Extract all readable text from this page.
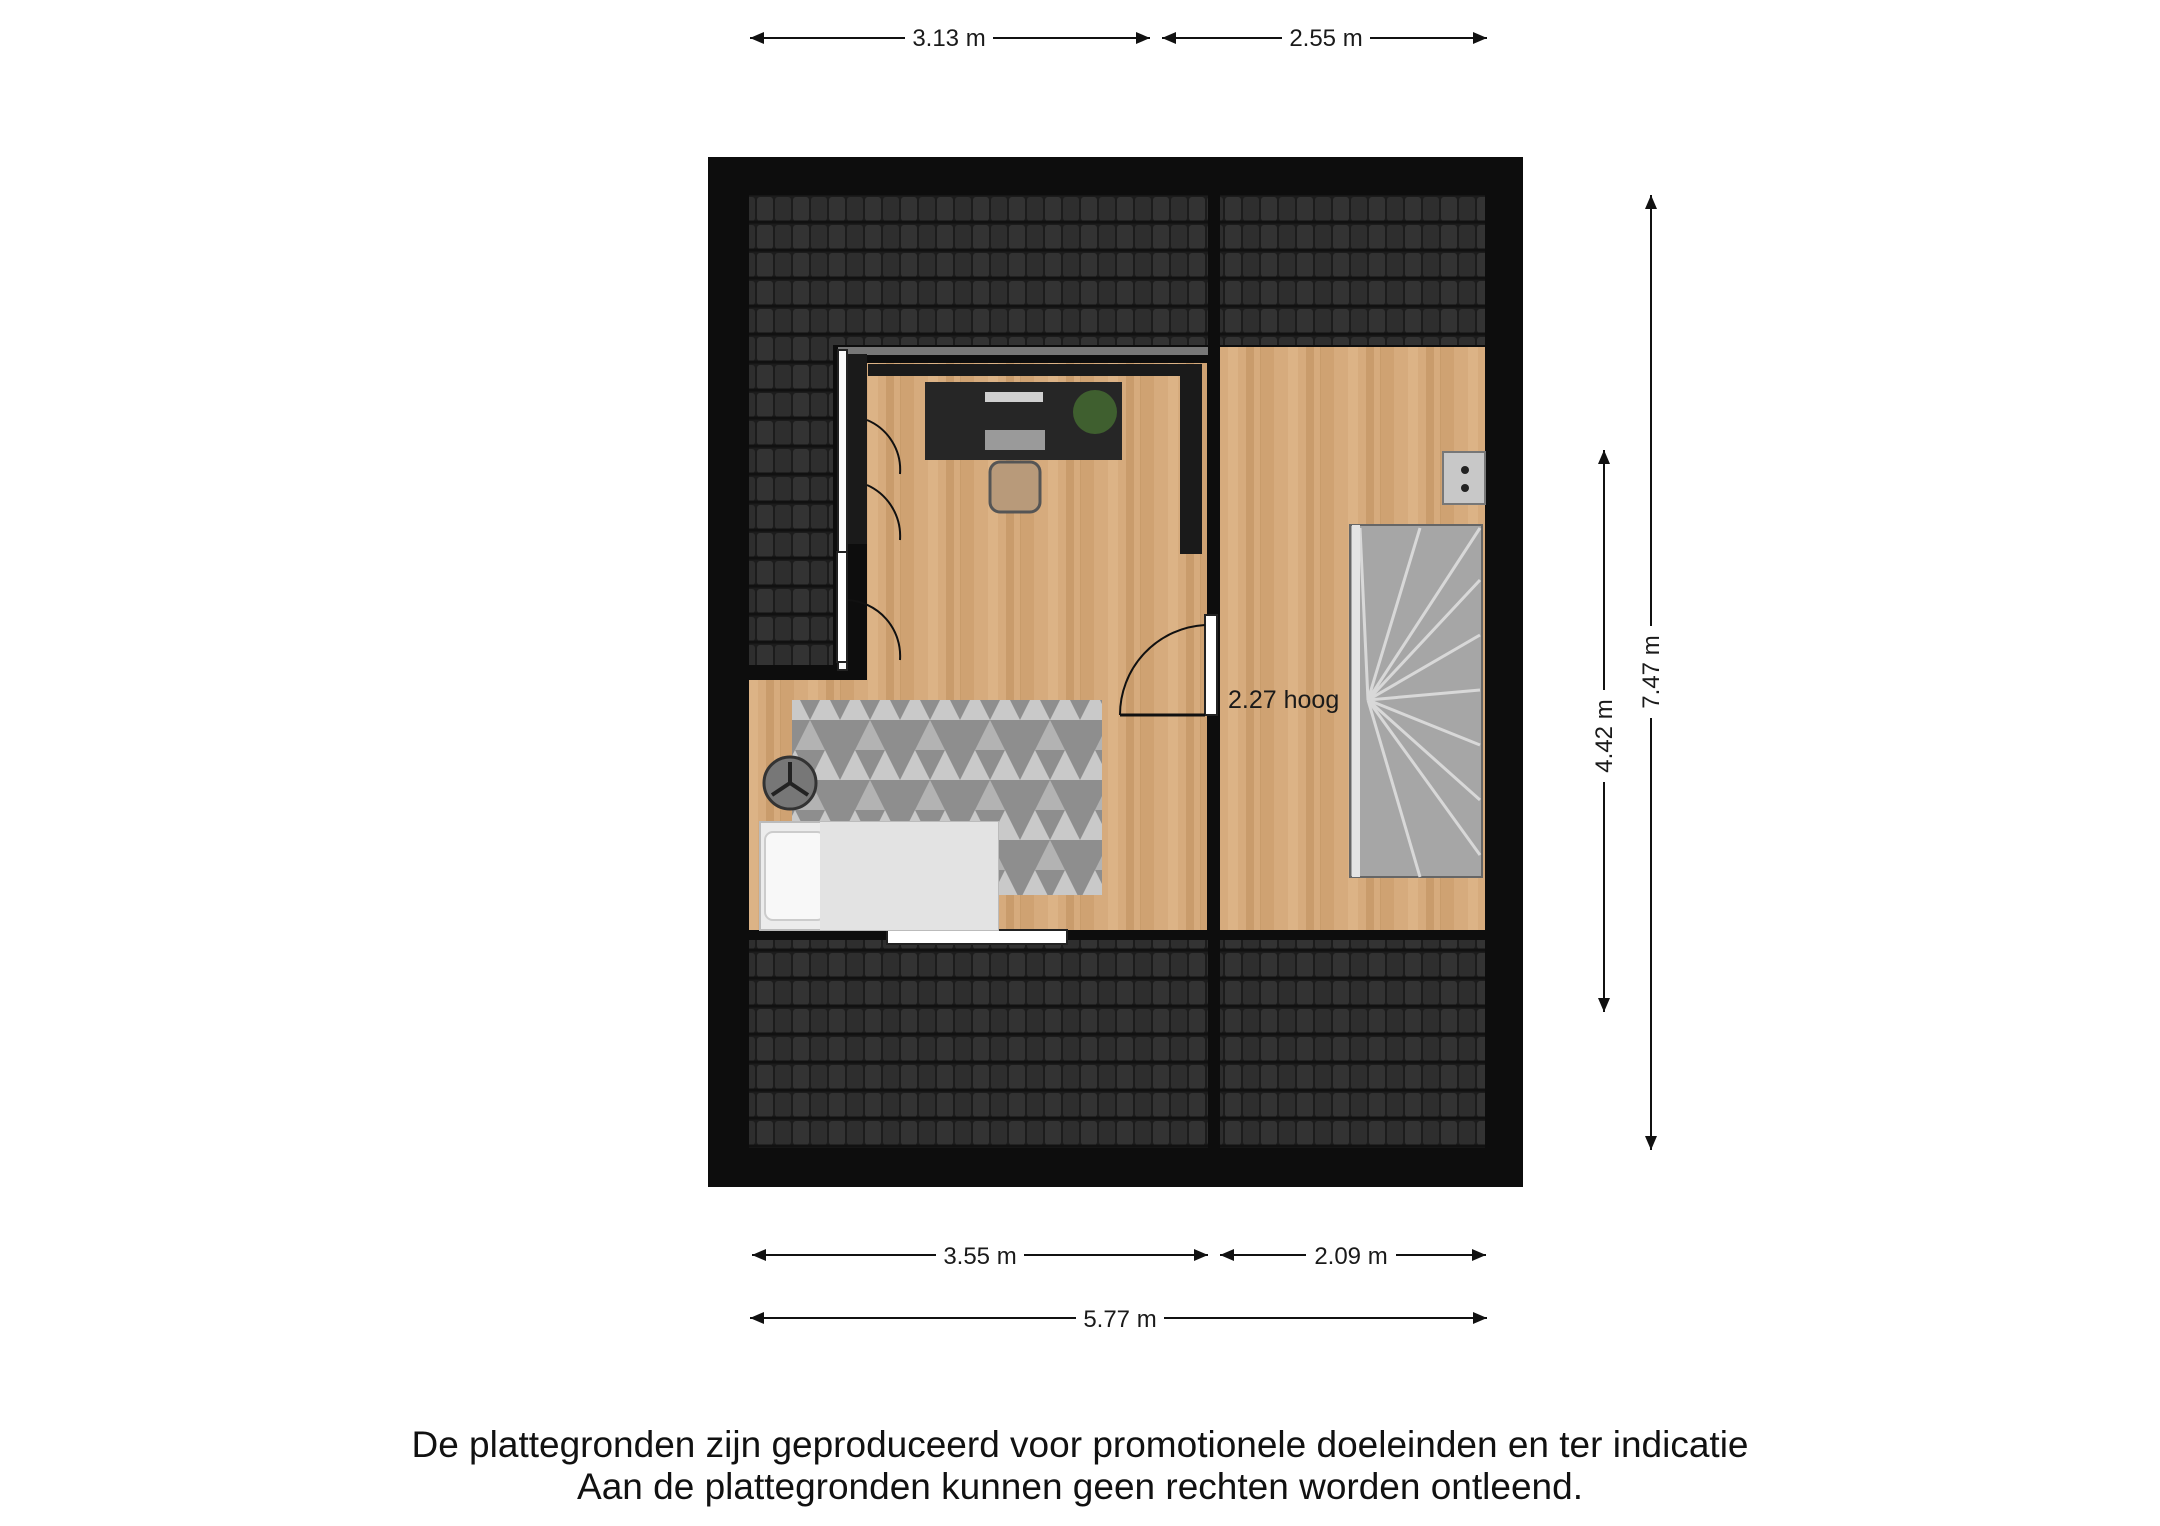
2.27 hoog
3.13 m	2.55 m
3.55 m	2.09 m
5.77 m
4.42 m
7.47 m
De plattegronden zijn geproduceerd voor promotionele doeleinden en ter indicatie
Aan de plattegronden kunnen geen rechten worden ontleend.
